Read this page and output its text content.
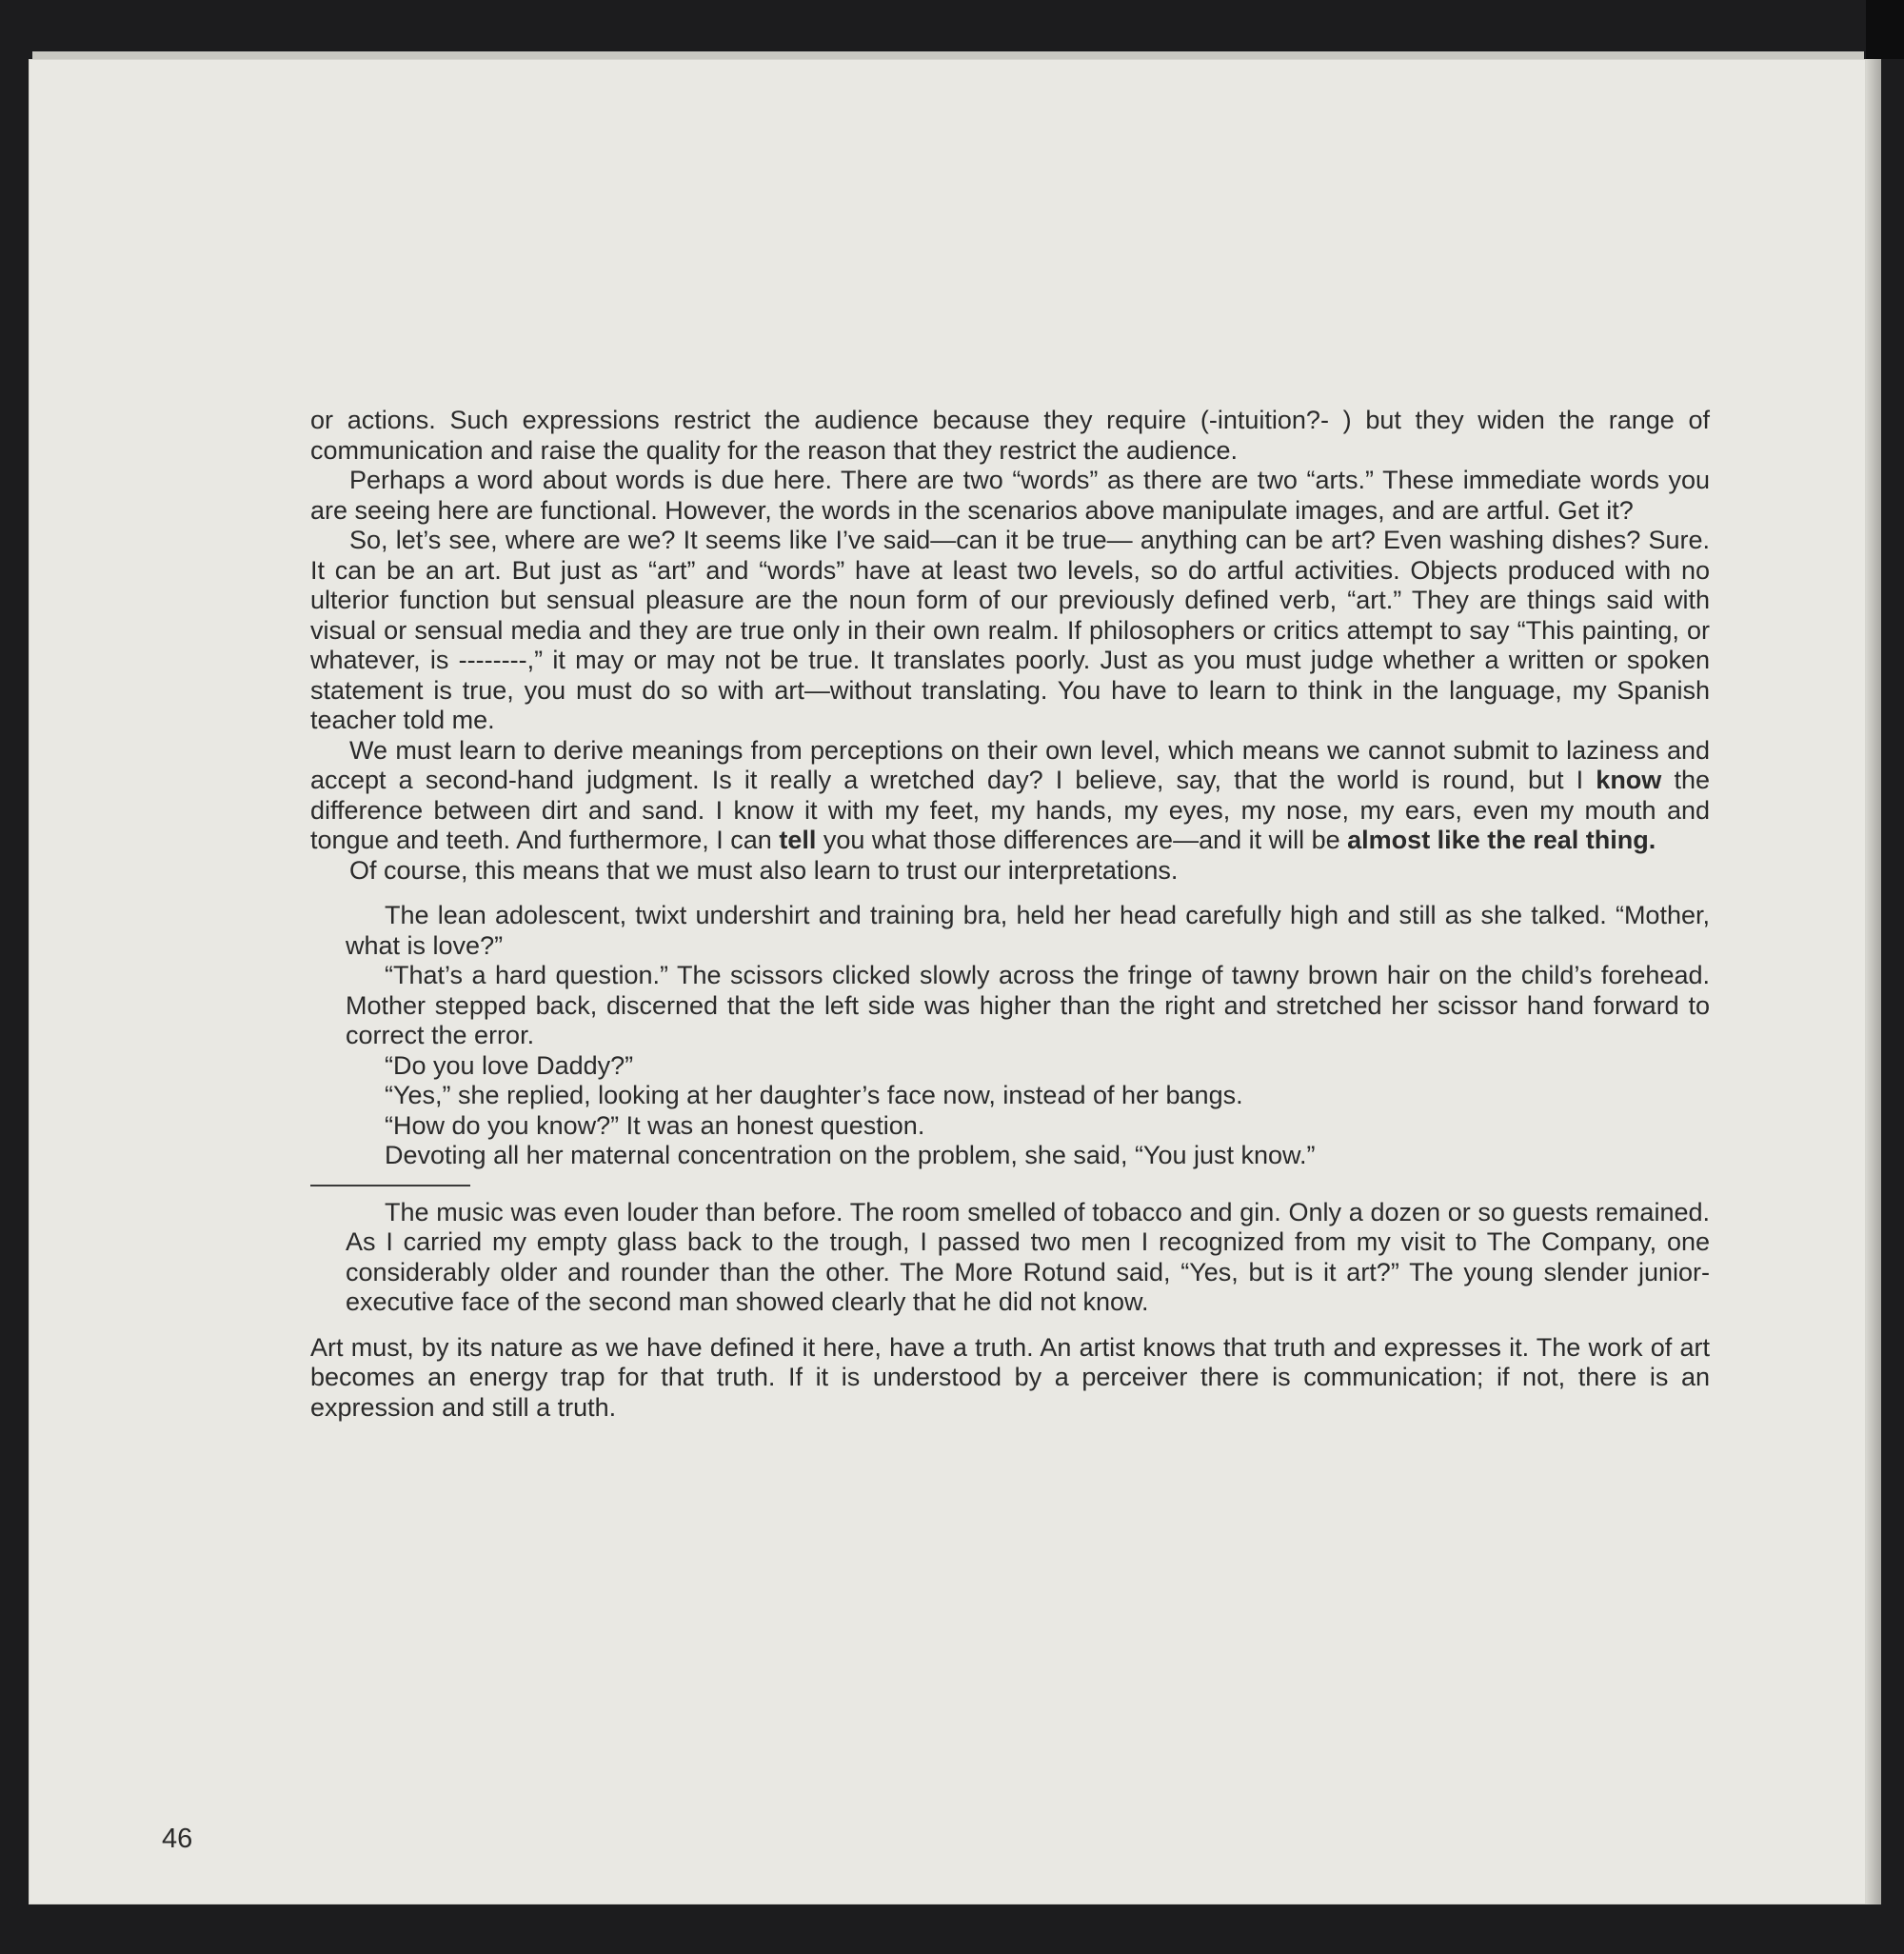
or actions. Such expressions restrict the audience because they require (-intuition?- ) but they widen the range of communication and raise the quality for the reason that they restrict the audience.

Perhaps a word about words is due here. There are two “words” as there are two “arts.” These immediate words you are seeing here are functional. However, the words in the scenarios above manipulate images, and are artful. Get it?

So, let’s see, where are we? It seems like I’ve said—can it be true— anything can be art? Even washing dishes? Sure. It can be an art. But just as “art” and “words” have at least two levels, so do artful activities. Objects produced with no ulterior function but sensual pleasure are the noun form of our previously defined verb, “art.” They are things said with visual or sensual media and they are true only in their own realm. If philosophers or critics attempt to say “This painting, or whatever, is --------,” it may or may not be true. It translates poorly. Just as you must judge whether a written or spoken statement is true, you must do so with art—without translating. You have to learn to think in the language, my Spanish teacher told me.

We must learn to derive meanings from perceptions on their own level, which means we cannot submit to laziness and accept a second-hand judgment. Is it really a wretched day? I believe, say, that the world is round, but I know the difference between dirt and sand. I know it with my feet, my hands, my eyes, my nose, my ears, even my mouth and tongue and teeth. And furthermore, I can tell you what those differences are—and it will be almost like the real thing.

Of course, this means that we must also learn to trust our interpretations.

The lean adolescent, twixt undershirt and training bra, held her head carefully high and still as she talked. “Mother, what is love?”

“That’s a hard question.” The scissors clicked slowly across the fringe of tawny brown hair on the child’s forehead. Mother stepped back, discerned that the left side was higher than the right and stretched her scissor hand forward to correct the error.

“Do you love Daddy?”

“Yes,” she replied, looking at her daughter’s face now, instead of her bangs.

“How do you know?” It was an honest question.

Devoting all her maternal concentration on the problem, she said, “You just know.”

The music was even louder than before. The room smelled of tobacco and gin. Only a dozen or so guests remained. As I carried my empty glass back to the trough, I passed two men I recognized from my visit to The Company, one considerably older and rounder than the other. The More Rotund said, “Yes, but is it art?” The young slender junior-executive face of the second man showed clearly that he did not know.

Art must, by its nature as we have defined it here, have a truth. An artist knows that truth and expresses it. The work of art becomes an energy trap for that truth. If it is understood by a perceiver there is communication; if not, there is an expression and still a truth.

46
